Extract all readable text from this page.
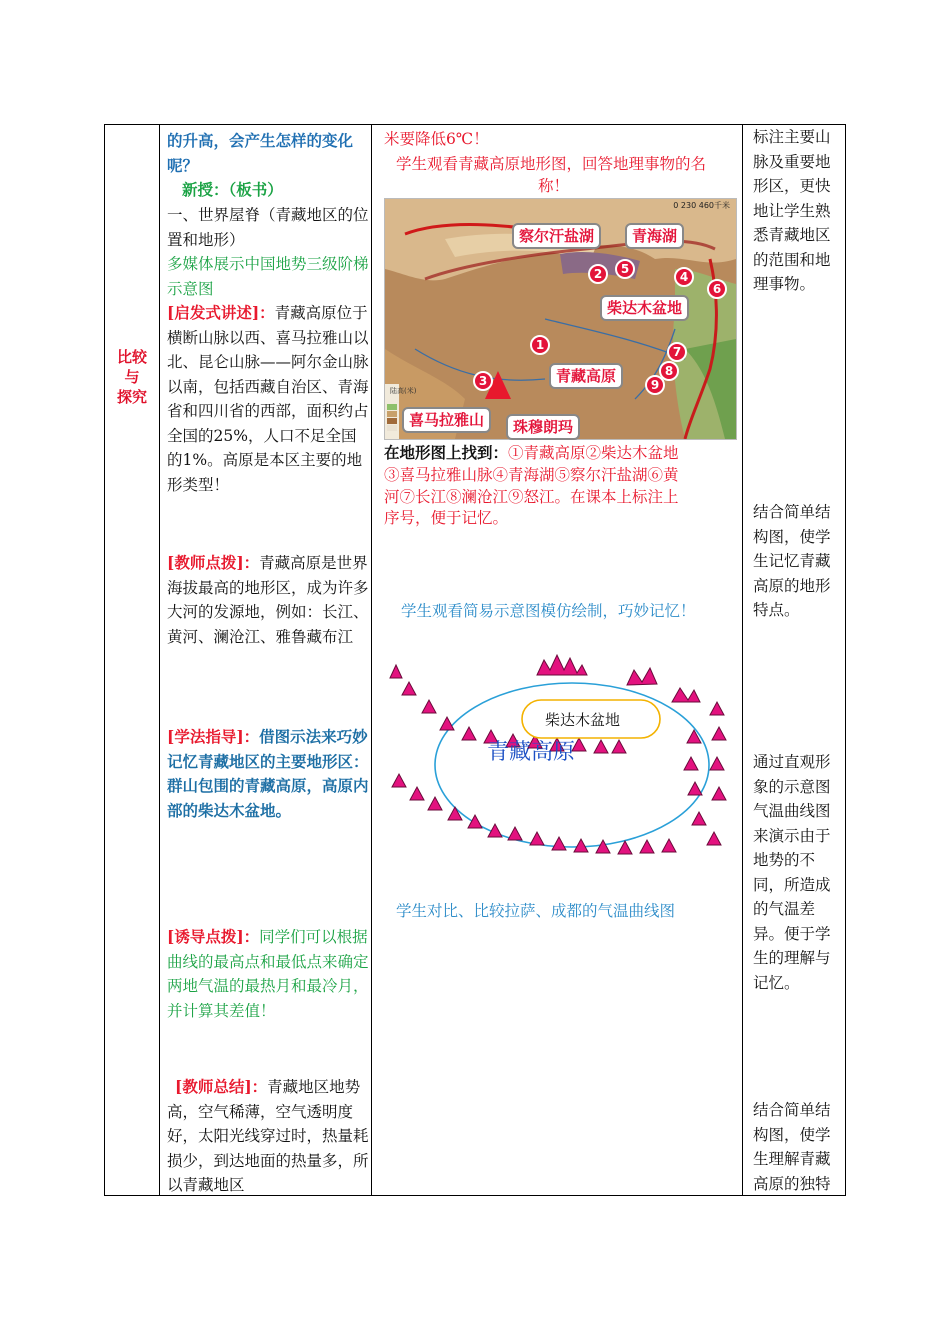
比较
与
探究

的升高，会产生怎样的变化呢？

新授：（板书）

一、世界屋脊（青藏地区的位置和地形）

多媒体展示中国地势三级阶梯示意图

[启发式讲述]：青藏高原位于横断山脉以西、喜马拉雅山以北、昆仑山脉——阿尔金山脉以南，包括西藏自治区、青海省和四川省的西部，面积约占全国的25%，人口不足全国的1%。高原是本区主要的地形类型！

[教师点拨]：青藏高原是世界海拔最高的地形区，成为许多大河的发源地，例如：长江、黄河、澜沧江、雅鲁藏布江

[学法指导]：借图示法来巧妙记忆青藏地区的主要地形区：群山包围的青藏高原，高原内部的柴达木盆地。

[诱导点拨]：同学们可以根据曲线的最高点和最低点来确定两地气温的最热月和最冷月，并计算其差值！

[教师总结]：青藏地区地势高，空气稀薄，空气透明度好，太阳光线穿过时，热量耗损少，到达地面的热量多，所以青藏地区

米要降低6℃！
学生观看青藏高原地形图，回答地理事物的名
称！
陆高(米)
0 230 460千米
察尔汗盐湖	青海湖
柴达木盆地
青藏高原
喜马拉雅山	珠穆朗玛
1
2
3
4
5
6
7
8
9
在地形图上找到：①青藏高原②柴达木盆地
③喜马拉雅山脉④青海湖⑤察尔汗盐湖⑥黄
河⑦长江⑧澜沧江⑨怒江。在课本上标注上
序号，便于记忆。
学生观看简易示意图模仿绘制，巧妙记忆！
柴达木盆地
青藏高原
学生对比、比较拉萨、成都的气温曲线图

标注主要山脉及重要地形区，更快地让学生熟悉青藏地区的范围和地理事物。

结合简单结构图，使学生记忆青藏高原的地形特点。

通过直观形象的示意图气温曲线图来演示由于地势的不同，所造成的气温差异。便于学生的理解与记忆。

结合简单结构图，使学生理解青藏高原的独特
